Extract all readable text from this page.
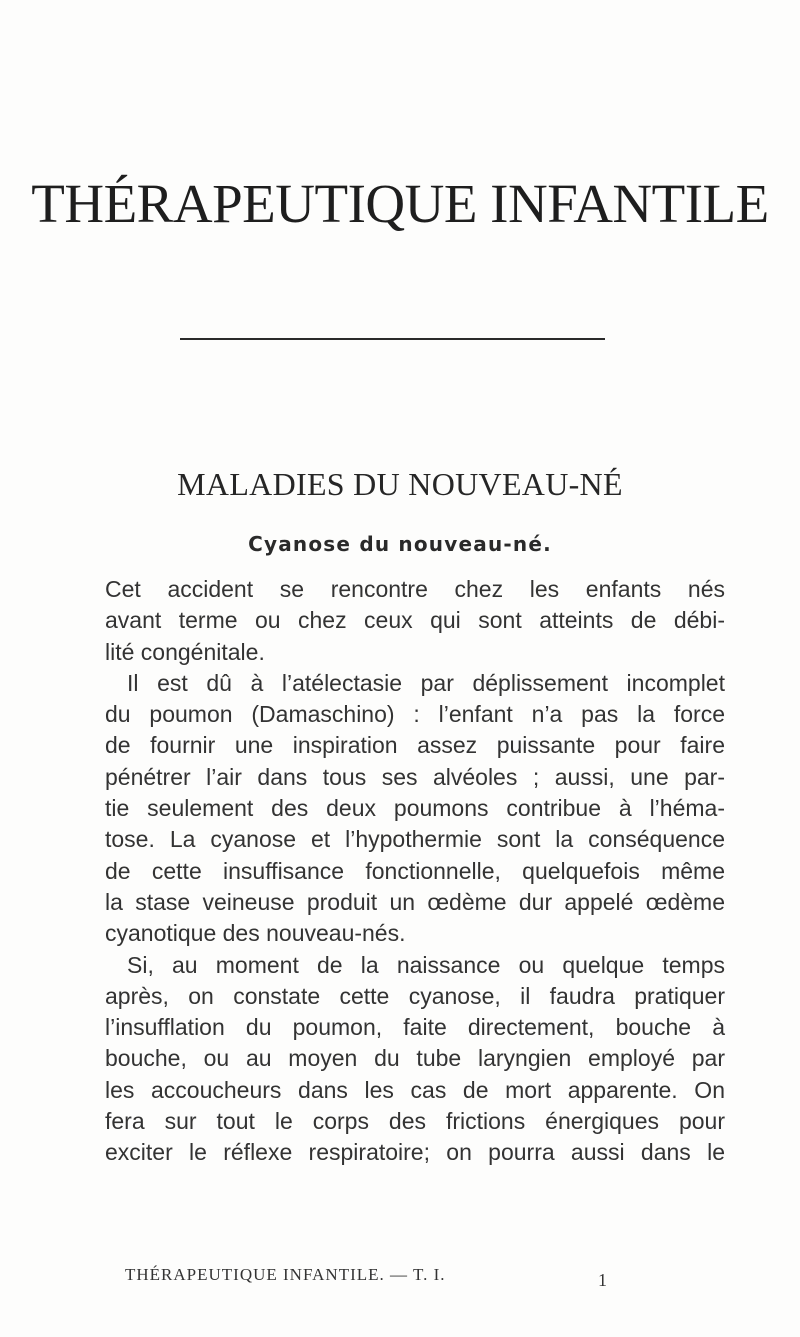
THÉRAPEUTIQUE INFANTILE
MALADIES DU NOUVEAU-NÉ
Cyanose du nouveau-né.
Cet accident se rencontre chez les enfants nés
avant terme ou chez ceux qui sont atteints de débi-
lité congénitale.
Il est dû à l’atélectasie par déplissement incomplet
du poumon (Damaschino) : l’enfant n’a pas la force
de fournir une inspiration assez puissante pour faire
pénétrer l’air dans tous ses alvéoles ; aussi, une par-
tie seulement des deux poumons contribue à l’héma-
tose. La cyanose et l’hypothermie sont la conséquence
de cette insuffisance fonctionnelle, quelquefois même
la stase veineuse produit un œdème dur appelé œdème
cyanotique des nouveau-nés.
Si, au moment de la naissance ou quelque temps
après, on constate cette cyanose, il faudra pratiquer
l’insufflation du poumon, faite directement, bouche à
bouche, ou au moyen du tube laryngien employé par
les accoucheurs dans les cas de mort apparente. On
fera sur tout le corps des frictions énergiques pour
exciter le réflexe respiratoire; on pourra aussi dans le
THÉRAPEUTIQUE INFANTILE. — T. I.	1
